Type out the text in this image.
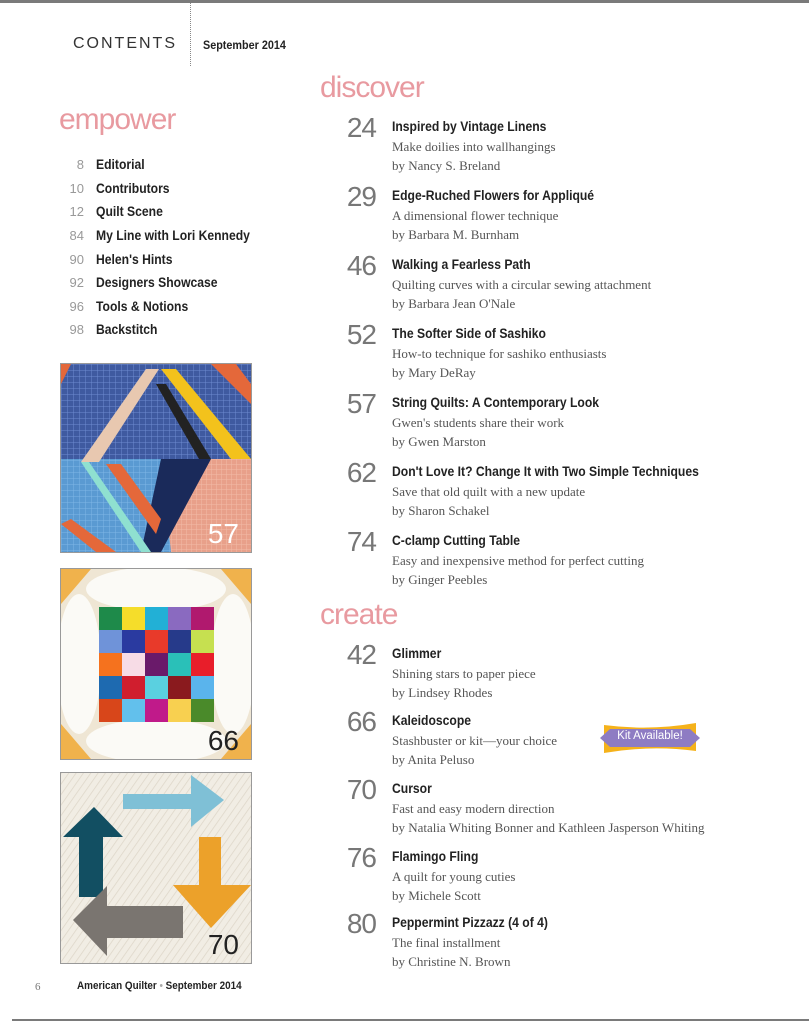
CONTENTS September 2014
empower
8 Editorial
10 Contributors
12 Quilt Scene
84 My Line with Lori Kennedy
90 Helen's Hints
92 Designers Showcase
96 Tools & Notions
98 Backstitch
57
66
70
discover
24 Inspired by Vintage Linens
Make doilies into wallhangings
by Nancy S. Breland
29 Edge-Ruched Flowers for Appliqué
A dimensional flower technique
by Barbara M. Burnham
46 Walking a Fearless Path
Quilting curves with a circular sewing attachment
by Barbara Jean O'Nale
52 The Softer Side of Sashiko
How-to technique for sashiko enthusiasts
by Mary DeRay
57 String Quilts: A Contemporary Look
Gwen's students share their work
by Gwen Marston
62 Don't Love It? Change It with Two Simple Techniques
Save that old quilt with a new update
by Sharon Schakel
74 C-clamp Cutting Table
Easy and inexpensive method for perfect cutting
by Ginger Peebles
create
42 Glimmer
Shining stars to paper piece
by Lindsey Rhodes
66 Kaleidoscope
Stashbuster or kit—your choice
by Anita Peluso
70 Cursor
Fast and easy modern direction
by Natalia Whiting Bonner and Kathleen Jasperson Whiting
76 Flamingo Fling
A quilt for young cuties
by Michele Scott
80 Peppermint Pizzazz (4 of 4)
The final installment
by Christine N. Brown
Kit Available!
6	American Quilter • September 2014
